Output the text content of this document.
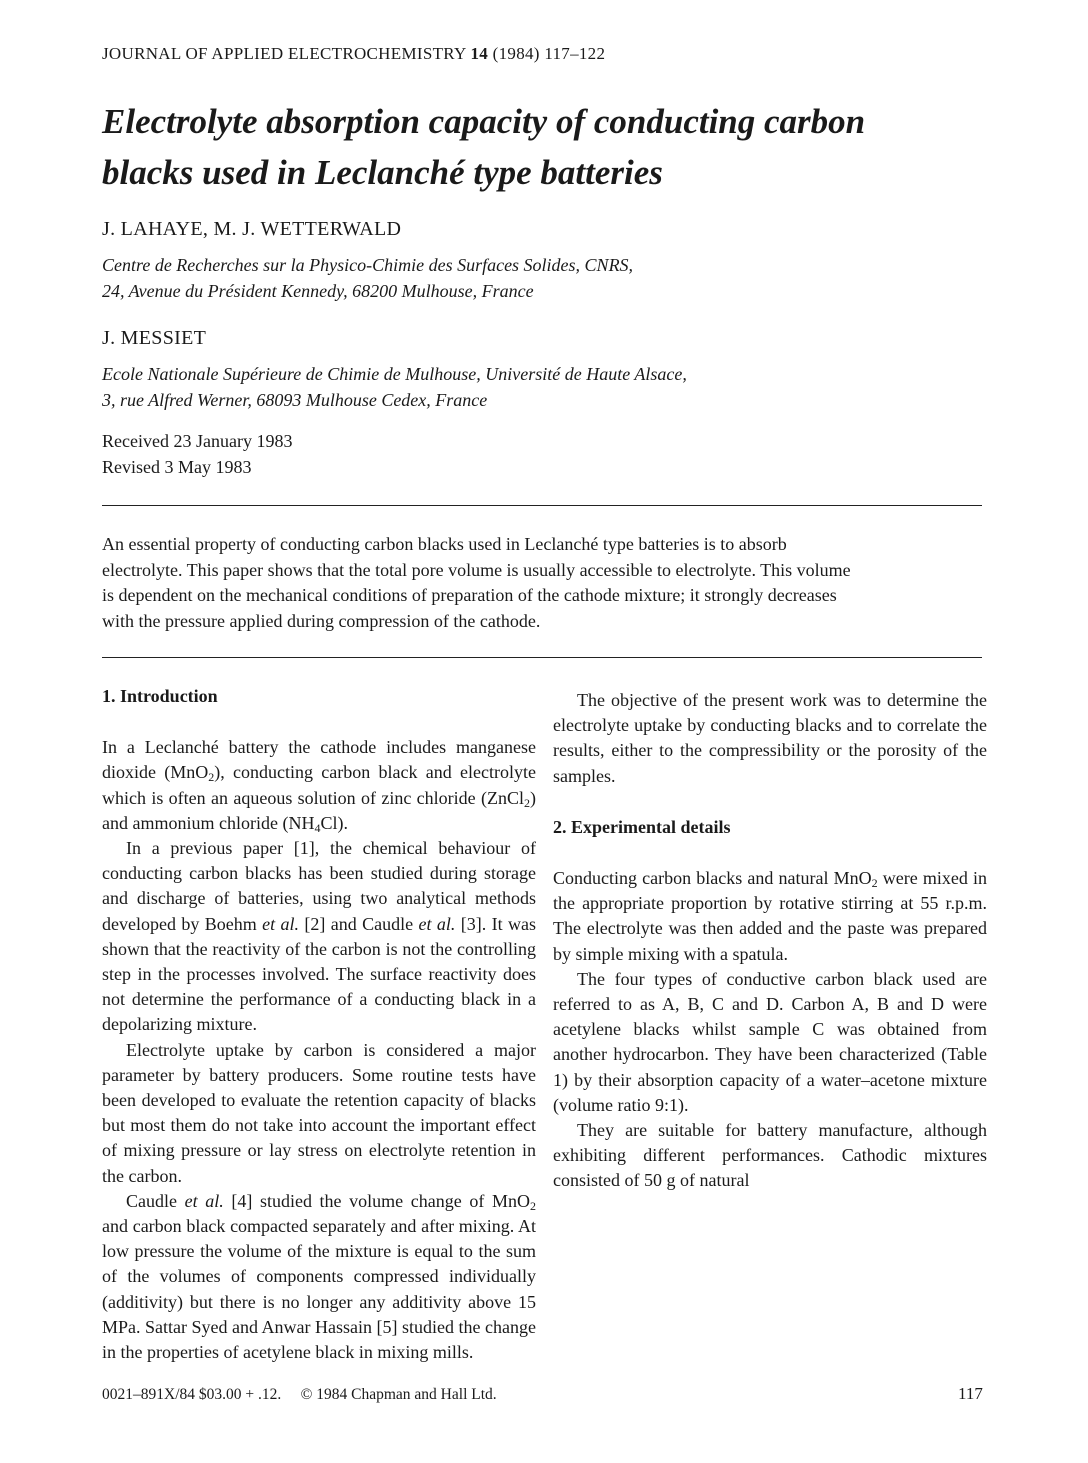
JOURNAL OF APPLIED ELECTROCHEMISTRY 14 (1984) 117–122
Electrolyte absorption capacity of conducting carbon
blacks used in Leclanché type batteries
J. LAHAYE, M. J. WETTERWALD
Centre de Recherches sur la Physico-Chimie des Surfaces Solides, CNRS,
24, Avenue du Président Kennedy, 68200 Mulhouse, France
J. MESSIET
Ecole Nationale Supérieure de Chimie de Mulhouse, Université de Haute Alsace,
3, rue Alfred Werner, 68093 Mulhouse Cedex, France
Received 23 January 1983
Revised 3 May 1983
An essential property of conducting carbon blacks used in Leclanché type batteries is to absorb
electrolyte. This paper shows that the total pore volume is usually accessible to electrolyte. This volume
is dependent on the mechanical conditions of preparation of the cathode mixture; it strongly decreases
with the pressure applied during compression of the cathode.
1. Introduction

In a Leclanché battery the cathode includes manganese dioxide (MnO$_2$), conducting carbon black and electrolyte which is often an aqueous solution of zinc chloride (ZnCl$_2$) and ammonium chloride $(NH_4Cl)$.

In a previous paper [1], the chemical behaviour of conducting carbon blacks has been studied during storage and discharge of batteries, using two analytical methods developed by Boehm et al. [2] and Caudle et al. [3]. It was shown that the reactivity of the carbon is not the controlling step in the processes involved. The surface reactivity does not determine the performance of a conducting black in a depolarizing mixture.

Electrolyte uptake by carbon is considered a major parameter by battery producers. Some routine tests have been developed to evaluate the retention capacity of blacks but most them do not take into account the important effect of mixing pressure or lay stress on electrolyte retention in the carbon.

Caudle et al. [4] studied the volume change of MnO$_2$ and carbon black compacted separately and after mixing. At low pressure the volume of the mixture is equal to the sum of the volumes of components compressed individually (additivity) but there is no longer any additivity above 15 MPa. Sattar Syed and Anwar Hassain [5] studied the change in the properties of acetylene black in mixing mills.

The objective of the present work was to determine the electrolyte uptake by conducting blacks and to correlate the results, either to the compressibility or the porosity of the samples.

2. Experimental details

Conducting carbon blacks and natural MnO$_2$ were mixed in the appropriate proportion by rotative stirring at 55 r.p.m. The electrolyte was then added and the paste was prepared by simple mixing with a spatula.

The four types of conductive carbon black used are referred to as A, B, C and D. Carbon A, B and D were acetylene blacks whilst sample C was obtained from another hydrocarbon. They have been characterized (Table 1) by their absorption capacity of a water–acetone mixture (volume ratio 9:1).

They are suitable for battery manufacture, although exhibiting different performances. Cathodic mixtures consisted of 50 g of natural

0021–891X/84 $03.00 + .12. © 1984 Chapman and Hall Ltd.	117
